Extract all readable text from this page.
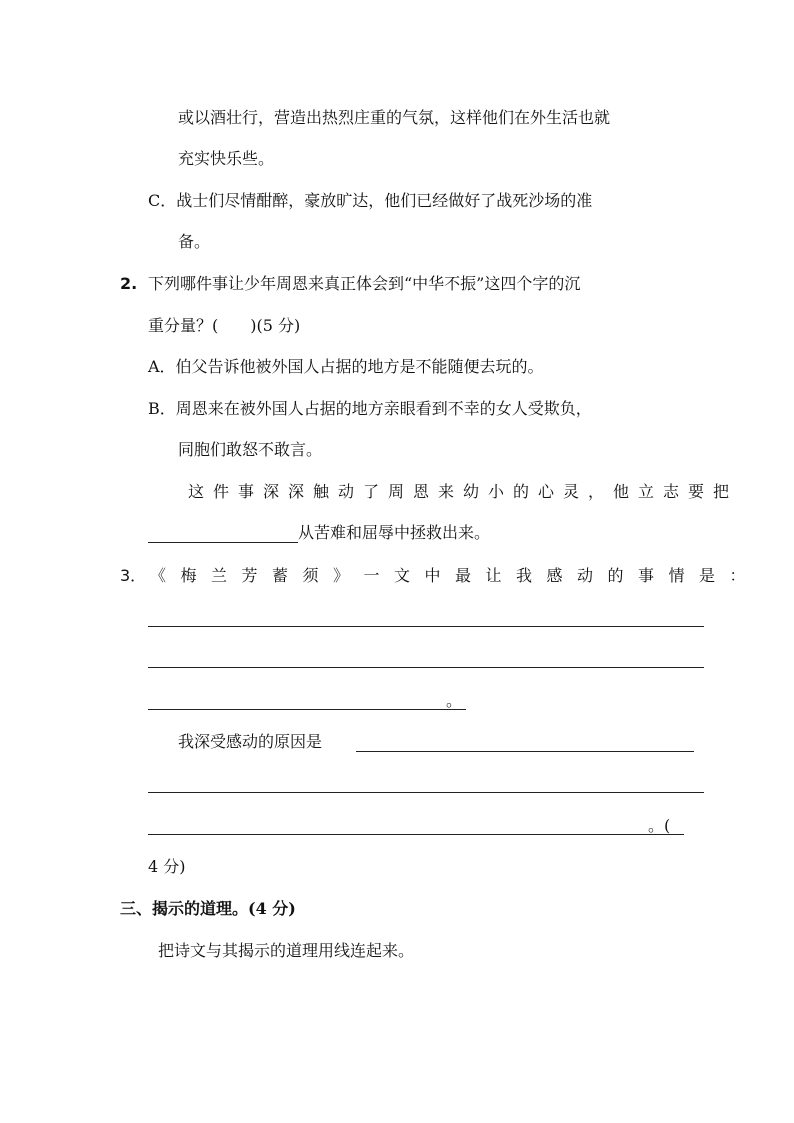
或以酒壮行，营造出热烈庄重的气氛，这样他们在外生活也就
充实快乐些。
C．战士们尽情酣醉，豪放旷达，他们已经做好了战死沙场的准
备。
2. 下列哪件事让少年周恩来真正体会到“中华不振”这四个字的沉
重分量？(　　)(5 分)
A．伯父告诉他被外国人占据的地方是不能随便去玩的。
B．周恩来在被外国人占据的地方亲眼看到不幸的女人受欺负，
同胞们敢怒不敢言。
这件事深深触动了周恩来幼小的心灵，他立志要把
从苦难和屈辱中拯救出来。
3． 《梅兰芳蓄须》一文中最让我感动的事情是：
。
我深受感动的原因是
。(
4 分)
三、揭示的道理。(4 分)
把诗文与其揭示的道理用线连起来。
